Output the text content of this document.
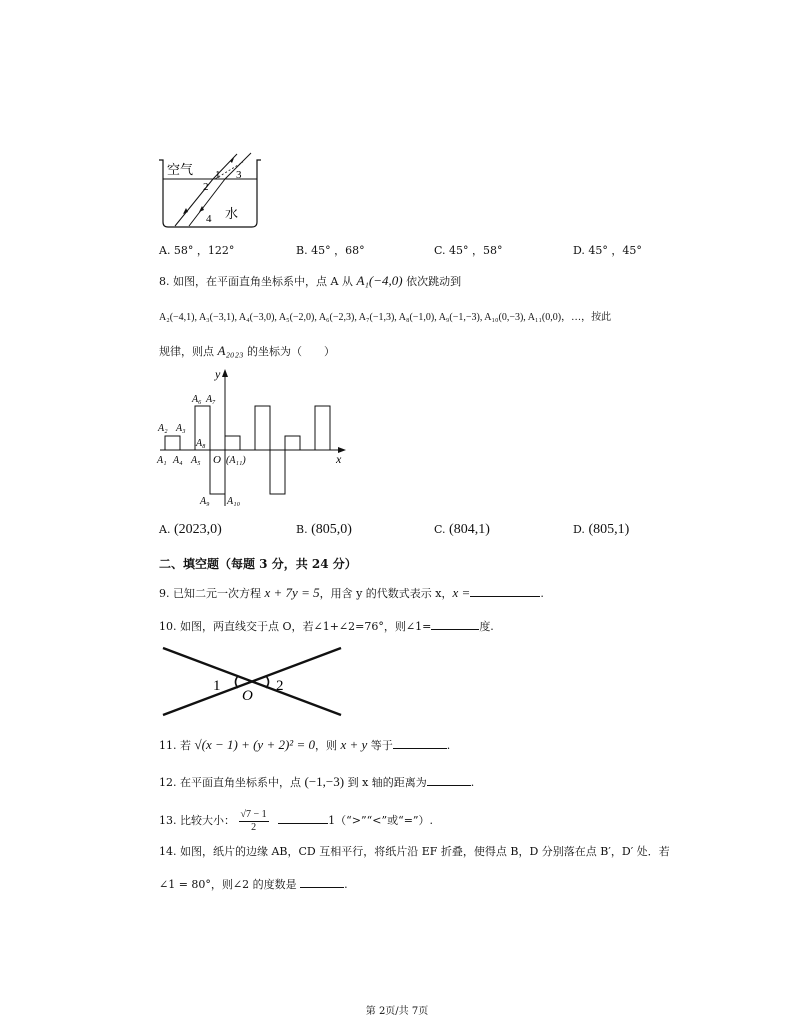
空气
水
1
2
3
4
A. 58° ，122°	B. 45° ，68°	C. 45° ，58°	D. 45° ，45°
8. 如图，在平面直角坐标系中，点 A 从 A₁(−4,0) 依次跳动到
A₂(−4,1), A₃(−3,1), A₄(−3,0), A₅(−2,0), A₆(−2,3), A₇(−1,3), A₈(−1,0), A₉(−1,−3), A₁₀(0,−3), A₁₁(0,0)，…，按此
规律，则点 A₂₀₂₃ 的坐标为（　　）
y
x
A₂ A₃
A₆ A₇
A₈
A₁ A₄ A₅ O (A₁₁)
A₉ A₁₀
A. (2023,0)	B. (805,0)	C. (804,1)	D. (805,1)
二、填空题（每题 3 分，共 24 分）
9. 已知二元一次方程 x + 7y = 5，用含 y 的代数式表示 x，x =	.
10. 如图，两直线交于点 O，若∠1+∠2=76°，则∠1=	度.
1
O
2
11. 若 √(x − 1) + (y + 2)² = 0，则 x + y 等于	.
12. 在平面直角坐标系中，点 (−1,−3) 到 x 轴的距离为	.
13. 比较大小： $\frac{√7 - 1}{2}$	1（“>”“<”或“=”）.
14. 如图，纸片的边缘 AB，CD 互相平行，将纸片沿 EF 折叠，使得点 B，D 分别落在点 B′，D′ 处．若
∠1 = 80°，则∠2 的度数是	.
第 2页/共 7页
